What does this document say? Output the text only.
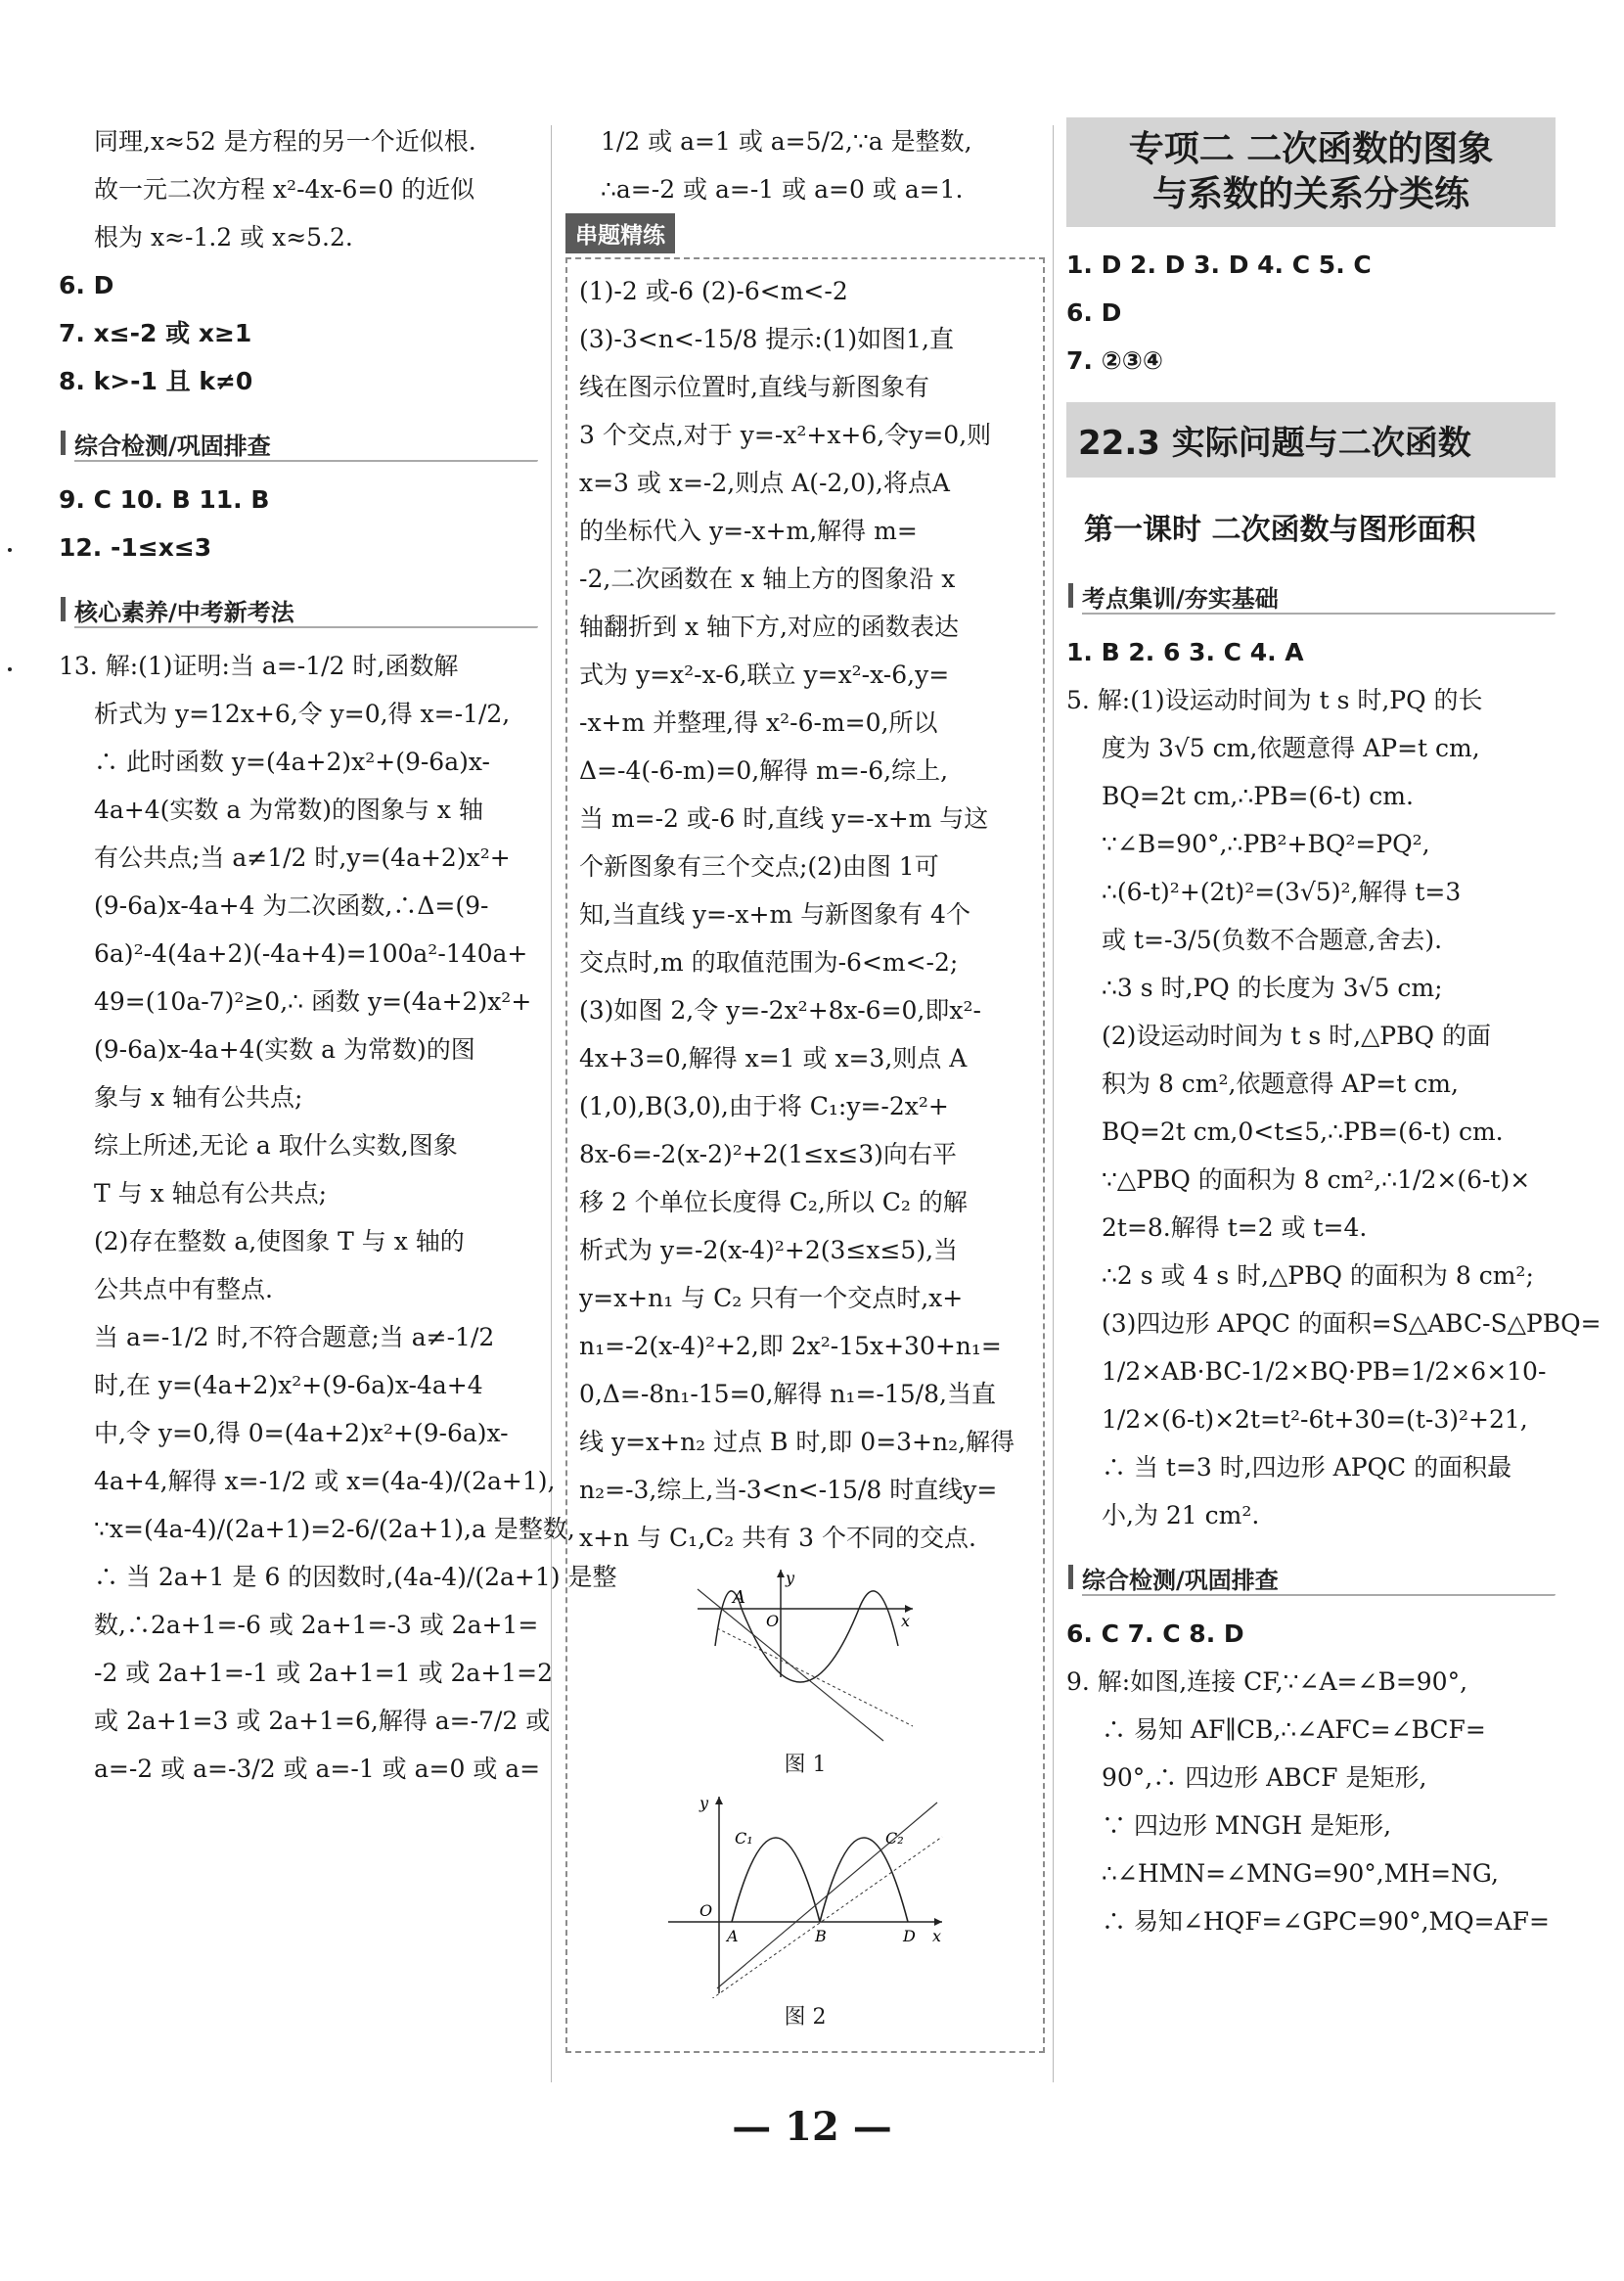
同理,x≈52 是方程的另一个近似根.
故一元二次方程 x²-4x-6=0 的近似
根为 x≈-1.2 或 x≈5.2.
6. D
7. x≤-2 或 x≥1
8. k>-1 且 k≠0
综合检测/巩固排查
9. C 10. B 11. B
12. -1≤x≤3
核心素养/中考新考法
13. 解:(1)证明:当 a=-1/2 时,函数解
析式为 y=12x+6,令 y=0,得 x=-1/2,
∴ 此时函数 y=(4a+2)x²+(9-6a)x-
4a+4(实数 a 为常数)的图象与 x 轴
有公共点;当 a≠1/2 时,y=(4a+2)x²+
(9-6a)x-4a+4 为二次函数,∴Δ=(9-
6a)²-4(4a+2)(-4a+4)=100a²-140a+
49=(10a-7)²≥0,∴ 函数 y=(4a+2)x²+
(9-6a)x-4a+4(实数 a 为常数)的图
象与 x 轴有公共点;
综上所述,无论 a 取什么实数,图象
T 与 x 轴总有公共点;
(2)存在整数 a,使图象 T 与 x 轴的
公共点中有整点.
当 a=-1/2 时,不符合题意;当 a≠-1/2
时,在 y=(4a+2)x²+(9-6a)x-4a+4
中,令 y=0,得 0=(4a+2)x²+(9-6a)x-
4a+4,解得 x=-1/2 或 x=(4a-4)/(2a+1),
∵x=(4a-4)/(2a+1)=2-6/(2a+1),a 是整数,
∴ 当 2a+1 是 6 的因数时,(4a-4)/(2a+1) 是整
数,∴2a+1=-6 或 2a+1=-3 或 2a+1=
-2 或 2a+1=-1 或 2a+1=1 或 2a+1=2
或 2a+1=3 或 2a+1=6,解得 a=-7/2 或
a=-2 或 a=-3/2 或 a=-1 或 a=0 或 a=
1/2 或 a=1 或 a=5/2,∵a 是整数,
∴a=-2 或 a=-1 或 a=0 或 a=1.
串题精练
(1)-2 或-6 (2)-6<m<-2
(3)-3<n<-15/8 提示:(1)如图1,直
线在图示位置时,直线与新图象有
3 个交点,对于 y=-x²+x+6,令y=0,则
x=3 或 x=-2,则点 A(-2,0),将点A
的坐标代入 y=-x+m,解得 m=
-2,二次函数在 x 轴上方的图象沿 x
轴翻折到 x 轴下方,对应的函数表达
式为 y=x²-x-6,联立 y=x²-x-6,y=
-x+m 并整理,得 x²-6-m=0,所以
Δ=-4(-6-m)=0,解得 m=-6,综上,
当 m=-2 或-6 时,直线 y=-x+m 与这
个新图象有三个交点;(2)由图 1可
知,当直线 y=-x+m 与新图象有 4个
交点时,m 的取值范围为-6<m<-2;
(3)如图 2,令 y=-2x²+8x-6=0,即x²-
4x+3=0,解得 x=1 或 x=3,则点 A
(1,0),B(3,0),由于将 C₁:y=-2x²+
8x-6=-2(x-2)²+2(1≤x≤3)向右平
移 2 个单位长度得 C₂,所以 C₂ 的解
析式为 y=-2(x-4)²+2(3≤x≤5),当
y=x+n₁ 与 C₂ 只有一个交点时,x+
n₁=-2(x-4)²+2,即 2x²-15x+30+n₁=
0,Δ=-8n₁-15=0,解得 n₁=-15/8,当直
线 y=x+n₂ 过点 B 时,即 0=3+n₂,解得
n₂=-3,综上,当-3<n<-15/8 时直线y=
x+n 与 C₁,C₂ 共有 3 个不同的交点.
A
O	x
y
图 1
y
C₁	C₂
O
A	B	D x
图 2
专项二 二次函数的图象
与系数的关系分类练
1. D 2. D 3. D 4. C 5. C
6. D
7. ②③④
22.3 实际问题与二次函数
第一课时 二次函数与图形面积
考点集训/夯实基础
1. B 2. 6 3. C 4. A
5. 解:(1)设运动时间为 t s 时,PQ 的长
度为 3√5 cm,依题意得 AP=t cm,
BQ=2t cm,∴PB=(6-t) cm.
∵∠B=90°,∴PB²+BQ²=PQ²,
∴(6-t)²+(2t)²=(3√5)²,解得 t=3
或 t=-3/5(负数不合题意,舍去).
∴3 s 时,PQ 的长度为 3√5 cm;
(2)设运动时间为 t s 时,△PBQ 的面
积为 8 cm²,依题意得 AP=t cm,
BQ=2t cm,0<t≤5,∴PB=(6-t) cm.
∵△PBQ 的面积为 8 cm²,∴1/2×(6-t)×
2t=8.解得 t=2 或 t=4.
∴2 s 或 4 s 时,△PBQ 的面积为 8 cm²;
(3)四边形 APQC 的面积=S△ABC-S△PBQ=
1/2×AB·BC-1/2×BQ·PB=1/2×6×10-
1/2×(6-t)×2t=t²-6t+30=(t-3)²+21,
∴ 当 t=3 时,四边形 APQC 的面积最
小,为 21 cm².
综合检测/巩固排查
6. C 7. C 8. D
9. 解:如图,连接 CF,∵∠A=∠B=90°,
∴ 易知 AF∥CB,∴∠AFC=∠BCF=
90°,∴ 四边形 ABCF 是矩形,
∵ 四边形 MNGH 是矩形,
∴∠HMN=∠MNG=90°,MH=NG,
∴ 易知∠HQF=∠GPC=90°,MQ=AF=
— 12 —
